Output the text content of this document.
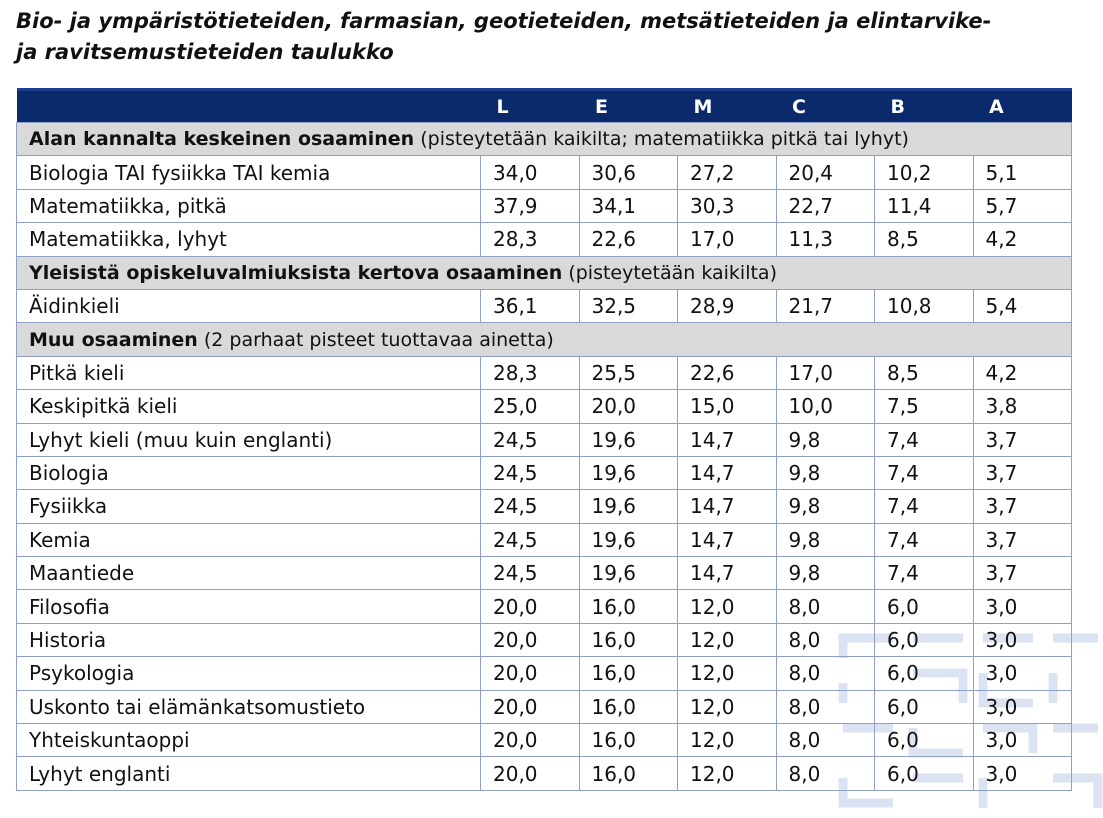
Bio- ja ympäristötieteiden, farmasian, geotieteiden, metsätieteiden ja elintarvike-
ja ravitsemustieteiden taulukko
	L	E	M	C	B	A
Alan kannalta keskeinen osaaminen (pisteytetään kaikilta; matematiikka pitkä tai lyhyt)						
Biologia TAI fysiikka TAI kemia	34,0	30,6	27,2	20,4	10,2	5,1
Matematiikka, pitkä	37,9	34,1	30,3	22,7	11,4	5,7
Matematiikka, lyhyt	28,3	22,6	17,0	11,3	8,5	4,2
Yleisistä opiskeluvalmiuksista kertova osaaminen (pisteytetään kaikilta)						
Äidinkieli	36,1	32,5	28,9	21,7	10,8	5,4
Muu osaaminen (2 parhaat pisteet tuottavaa ainetta)						
Pitkä kieli	28,3	25,5	22,6	17,0	8,5	4,2
Keskipitkä kieli	25,0	20,0	15,0	10,0	7,5	3,8
Lyhyt kieli (muu kuin englanti)	24,5	19,6	14,7	9,8	7,4	3,7
Biologia	24,5	19,6	14,7	9,8	7,4	3,7
Fysiikka	24,5	19,6	14,7	9,8	7,4	3,7
Kemia	24,5	19,6	14,7	9,8	7,4	3,7
Maantiede	24,5	19,6	14,7	9,8	7,4	3,7
Filosofia	20,0	16,0	12,0	8,0	6,0	3,0
Historia	20,0	16,0	12,0	8,0	6,0	3,0
Psykologia	20,0	16,0	12,0	8,0	6,0	3,0
Uskonto tai elämänkatsomustieto	20,0	16,0	12,0	8,0	6,0	3,0
Yhteiskuntaoppi	20,0	16,0	12,0	8,0	6,0	3,0
Lyhyt englanti	20,0	16,0	12,0	8,0	6,0	3,0
